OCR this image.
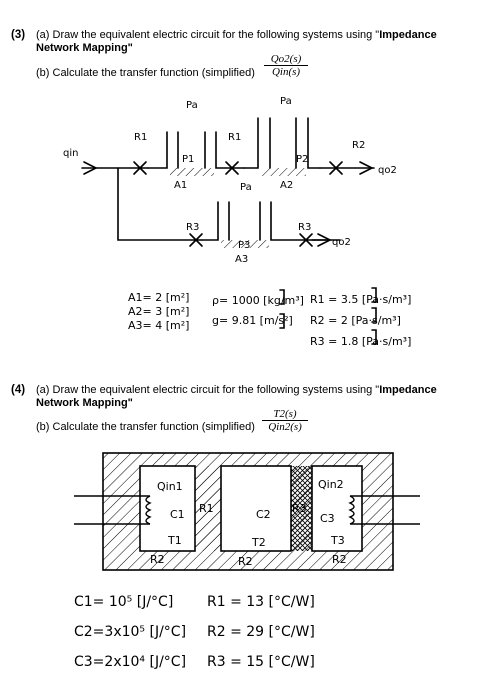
(3) (a) Draw the equivalent electric circuit for the following systems using "Impedance
Network Mapping"
(b) Calculate the transfer function (simplified)
Qo2(s)
Qin(s)
qin
qo2
qo2
A1	A2
A3
R1	R1
R2
R3	R3
P1	P2
P3
Pa	Pa
Pa
A1= 2 [m²]
A2= 3 [m²]
A3= 4 [m²]
ρ= 1000 [kg/m³]
g= 9.81 [m/s²]
R1 = 3.5 [Pa·s/m³]
R2 = 2 [Pa·s/m³]
R3 = 1.8 [Pa·s/m³]
(4) (a) Draw the equivalent electric circuit for the following systems using "Impedance
Network Mapping"
(b) Calculate the transfer function (simplified)
T2(s)
Qin2(s)
Qin1	Qin2
C1	C2	C3
T1	T2	T3
R1	R3
R2	R2	R2
C1= 10⁵ [J/°C]
C2=3x10⁵ [J/°C]
C3=2x10⁴ [J/°C]
R1 = 13 [°C/W]
R2 = 29 [°C/W]
R3 = 15 [°C/W]
